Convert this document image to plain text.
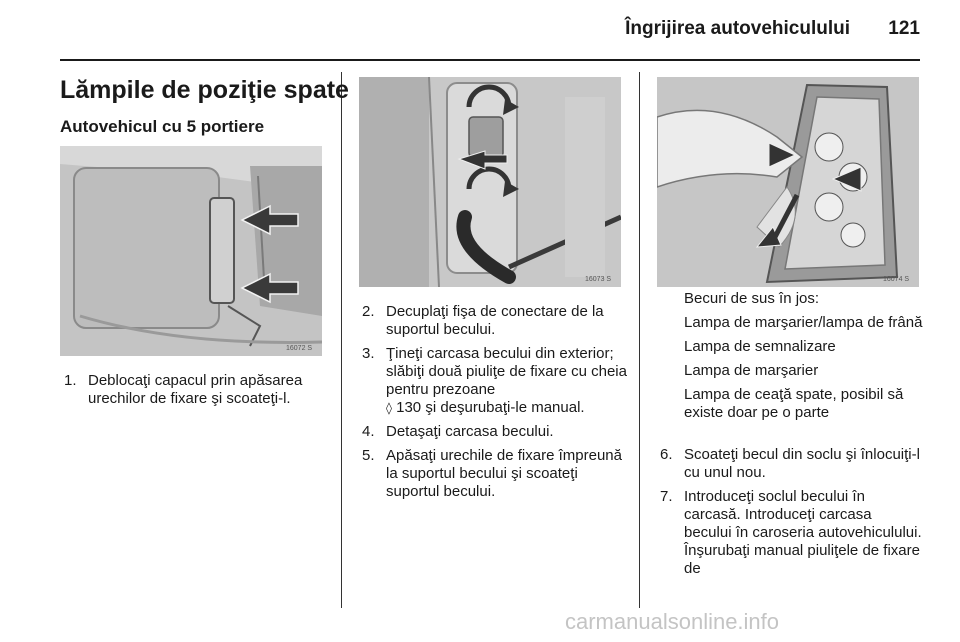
Îngrijirea autovehiculului	121
Lămpile de poziţie spate
Autovehicul cu 5 portiere
16072 S
16073 S	16074 S
1. Deblocaţi capacul prin apăsarea urechilor de fixare şi scoateţi-l.
2. Decuplaţi fişa de conectare de la suportul becului.
3. Ţineţi carcasa becului din exterior; slăbiţi două piuliţe de fixare cu cheia pentru prezoane
◊ 130 şi deşurubaţi-le manual.
4. Detaşaţi carcasa becului.
5. Apăsaţi urechile de fixare împreună la suportul becului şi scoateţi suportul becului.
Becuri de sus în jos:
Lampa de marşarier/lampa de frână
Lampa de semnalizare
Lampa de marşarier
Lampa de ceaţă spate, posibil să existe doar pe o parte
6. Scoateţi becul din soclu şi înlocuiţi-l cu unul nou.
7. Introduceţi soclul becului în carcasă. Introduceţi carcasa becului în caroseria autovehiculului. Înşurubaţi manual piuliţele de fixare de
carmanualsonline.info
